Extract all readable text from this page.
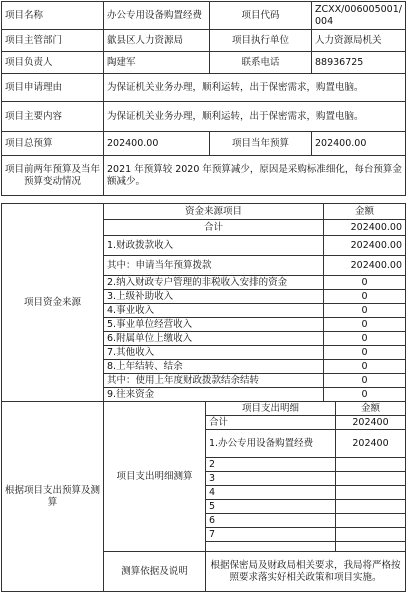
项目名称	办公专用设备购置经费	项目代码	ZCXX/006005001/004
项目主管部门	歙县区人力资源局	项目执行单位	人力资源局机关
项目负责人	陶建军	联系电话	88936725
项目申请理由	为保证机关业务办理，顺利运转，出于保密需求，购置电脑。		
项目主要内容	为保证机关业务办理，顺利运转，出于保密需求，购置电脑。		
项目总预算	202400.00	项目当年预算	202400.00
项目前两年预算及当年预算变动情况	2021 年预算较 2020 年预算减少，原因是采购标准细化，每台预算金额减少。		
项目资金来源	资金来源项目	金额
	合计	202400.00
	1.财政拨款收入	202400.00
	其中：申请当年预算拨款	202400.00
	2.纳入财政专户管理的非税收入安排的资金	0
	3.上级补助收入	0
	4.事业收入	0
	5.事业单位经营收入	0
	6.附属单位上缴收入	0
	7.其他收入	0
	8.上年结转、结余	0
	其中：使用上年度财政拨款结余结转	0
	9.往来资金	0
根据项目支出预算及测算	项目支出明细测算	项目支出明细	金额
		合计	202400
		1.办公专用设备购置经费	202400
		2	
		3	
		4	
		5	
		6	
		7	

	测算依据及说明	根据保密局及财政局相关要求，我局将严格按照要求落实好相关政策和项目实施。	
